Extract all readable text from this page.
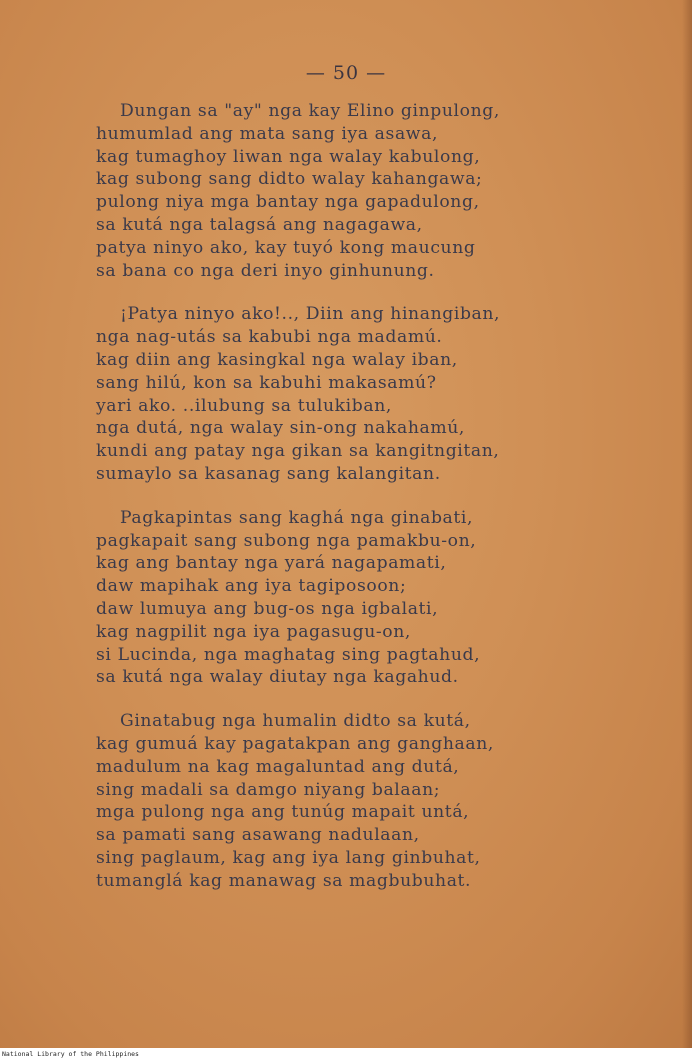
— 50 —
Dungan sa "ay" nga kay Elino ginpulong,
humumlad ang mata sang iya asawa,
kag tumaghoy liwan nga walay kabulong,
kag subong sang didto walay kahangawa;
pulong niya mga bantay nga gapadulong,
sa kutá nga talagsá ang nagagawa,
patya ninyo ako, kay tuyó kong maucung
sa bana co nga deri inyo ginhunung.
¡Patya ninyo ako!.., Diin ang hinangiban,
nga nag-utás sa kabubi nga madamú.
kag diin ang kasingkal nga walay iban,
sang hilú, kon sa kabuhi makasamú?
yari ako. ..ilubung sa tulukiban,
nga dutá, nga walay sin-ong nakahamú,
kundi ang patay nga gikan sa kangitngitan,
sumaylo sa kasanag sang kalangitan.
Pagkapintas sang kaghá nga ginabati,
pagkapait sang subong nga pamakbu-on,
kag ang bantay nga yará nagapamati,
daw mapihak ang iya tagiposoon;
daw lumuya ang bug-os nga igbalati,
kag nagpilit nga iya pagasugu-on,
si Lucinda, nga maghatag sing pagtahud,
sa kutá nga walay diutay nga kagahud.
Ginatabug nga humalin didto sa kutá,
kag gumuá kay pagatakpan ang ganghaan,
madulum na kag magaluntad ang dutá,
sing madali sa damgo niyang balaan;
mga pulong nga ang tunúg mapait untá,
sa pamati sang asawang nadulaan,
sing paglaum, kag ang iya lang ginbuhat,
tumanglá kag manawag sa magbubuhat.
National Library of the Philippines
